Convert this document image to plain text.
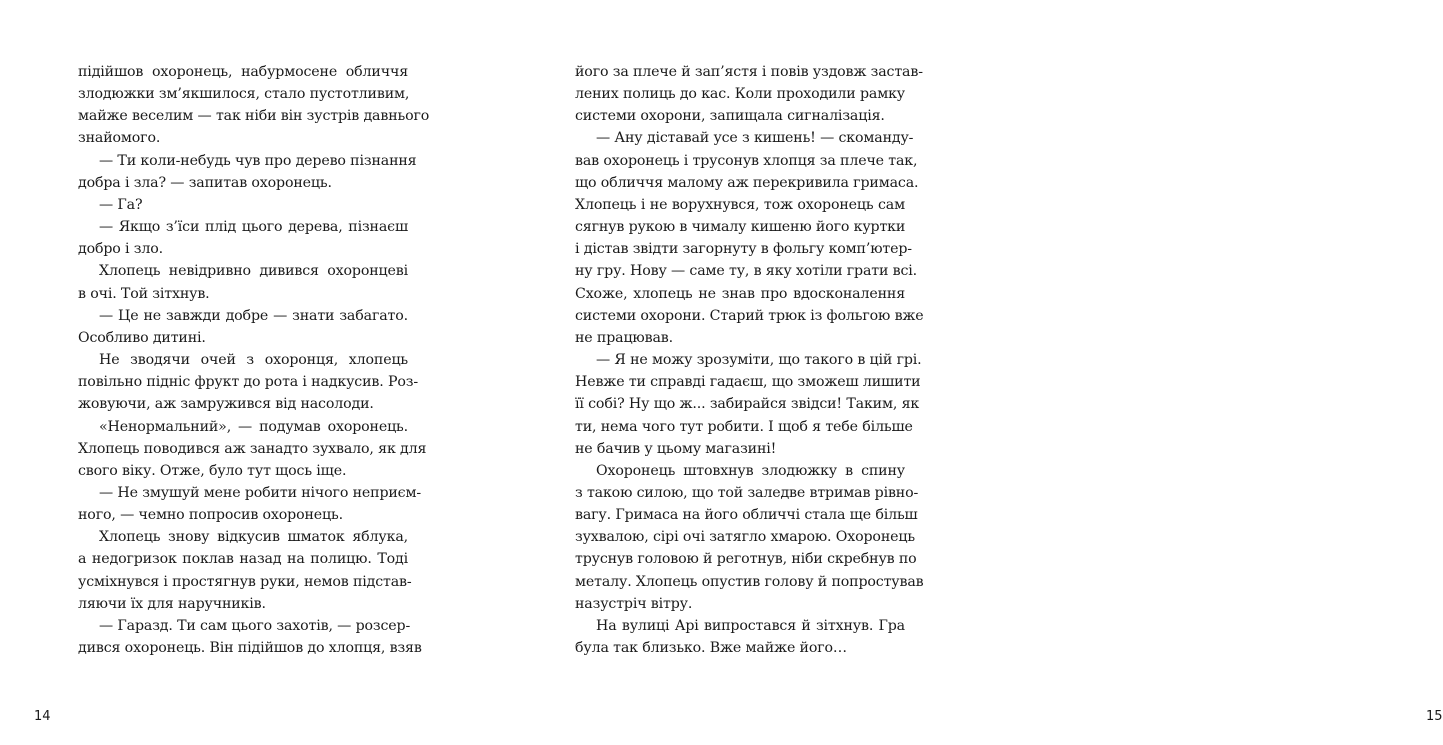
підійшов охоронець, набурмосене обличчя
злодюжки зм’якшилося, стало пустотливим,
майже веселим — так ніби він зустрів давнього
знайомого.
— Ти коли-небудь чув про дерево пізнання
добра і зла? — запитав охоронець.
— Га?
— Якщо з’їси плід цього дерева, пізнаєш
добро і зло.
Хлопець невідривно дивився охоронцеві
в очі. Той зітхнув.
— Це не завжди добре — знати забагато.
Особливо дитині.
Не зводячи очей з охоронця, хлопець
повільно підніс фрукт до рота і надкусив. Роз-
жовуючи, аж замружився від насолоди.
«Ненормальний», — подумав охоронець.
Хлопець поводився аж занадто зухвало, як для
свого віку. Отже, було тут щось іще.
— Не змушуй мене робити нічого неприєм-
ного, — чемно попросив охоронець.
Хлопець знову відкусив шматок яблука,
а недогризок поклав назад на полицю. Тоді
усміхнувся і простягнув руки, немов підстав-
ляючи їх для наручників.
— Гаразд. Ти сам цього захотів, — розсер-
дився охоронець. Він підійшов до хлопця, взяв
14
його за плече й зап’ястя і повів уздовж застав-
лених полиць до кас. Коли проходили рамку
системи охорони, запищала сигналізація.
— Ану діставай усе з кишень! — скоманду-
вав охоронець і трусонув хлопця за плече так,
що обличчя малому аж перекривила гримаса.
Хлопець і не ворухнувся, тож охоронець сам
сягнув рукою в чималу кишеню його куртки
і дістав звідти загорнуту в фольгу комп’ютер-
ну гру. Нову — саме ту, в яку хотіли грати всі.
Схоже, хлопець не знав про вдосконалення
системи охорони. Старий трюк із фольгою вже
не працював.
— Я не можу зрозуміти, що такого в цій грі.
Невже ти справді гадаєш, що зможеш лишити
її собі? Ну що ж... забирайся звідси! Таким, як
ти, нема чого тут робити. І щоб я тебе більше
не бачив у цьому магазині!
Охоронець штовхнув злодюжку в спину
з такою силою, що той заледве втримав рівно-
вагу. Гримаса на його обличчі стала ще більш
зухвалою, сірі очі затягло хмарою. Охоронець
труснув головою й реготнув, ніби скребнув по
металу. Хлопець опустив голову й попростував
назустріч вітру.
На вулиці Арі випростався й зітхнув. Гра
була так близько. Вже майже його…
15
